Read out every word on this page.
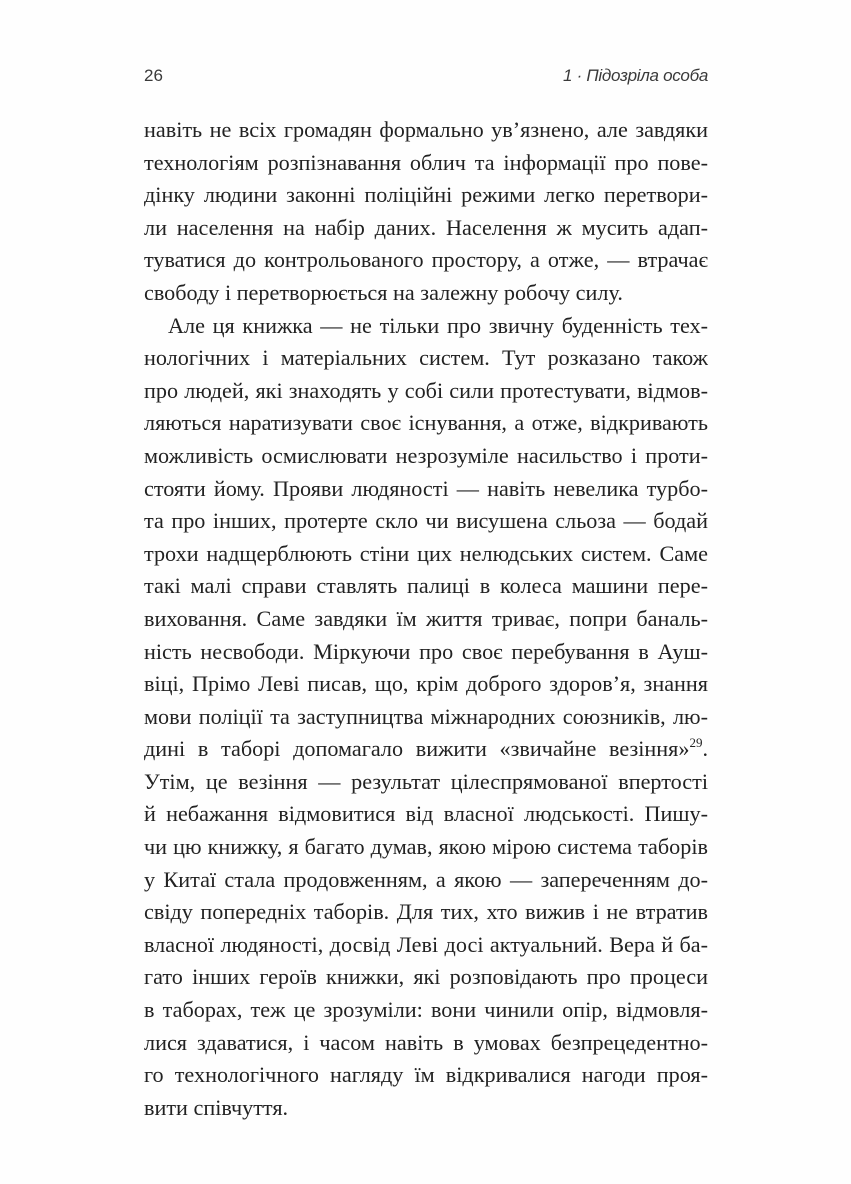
26	1 · Підозріла особа
навіть не всіх громадян формально ув’язнено, але завдяки
технологіям розпізнавання облич та інформації про пове-
дінку людини законні поліційні режими легко перетвори-
ли населення на набір даних. Населення ж мусить адап-
туватися до контрольованого простору, а отже, — втрачає
свободу і перетворюється на залежну робочу силу.
Але ця книжка — не тільки про звичну буденність тех-
нологічних і матеріальних систем. Тут розказано також
про людей, які знаходять у собі сили протестувати, відмов-
ляються наратизувати своє існування, а отже, відкривають
можливість осмислювати незрозуміле насильство і проти-
стояти йому. Прояви людяності — навіть невелика турбо-
та про інших, протерте скло чи висушена сльоза — бодай
трохи надщерблюють стіни цих нелюдських систем. Саме
такі малі справи ставлять палиці в колеса машини пере-
виховання. Саме завдяки їм життя триває, попри баналь-
ність несвободи. Міркуючи про своє перебування в Ауш-
віці, Прімо Леві писав, що, крім доброго здоров’я, знання
мови поліції та заступництва міжнародних союзників, лю-
дині в таборі допомагало вижити «звичайне везіння»$^{29}$.
Утім, це везіння — результат цілеспрямованої впертості
й небажання відмовитися від власної людськості. Пишу-
чи цю книжку, я багато думав, якою мірою система таборів
у Китаї стала продовженням, а якою — запереченням до-
свіду попередніх таборів. Для тих, хто вижив і не втратив
власної людяності, досвід Леві досі актуальний. Вера й ба-
гато інших героїв книжки, які розповідають про процеси
в таборах, теж це зрозуміли: вони чинили опір, відмовля-
лися здаватися, і часом навіть в умовах безпрецедентно-
го технологічного нагляду їм відкривалися нагоди проя-
вити співчуття.
